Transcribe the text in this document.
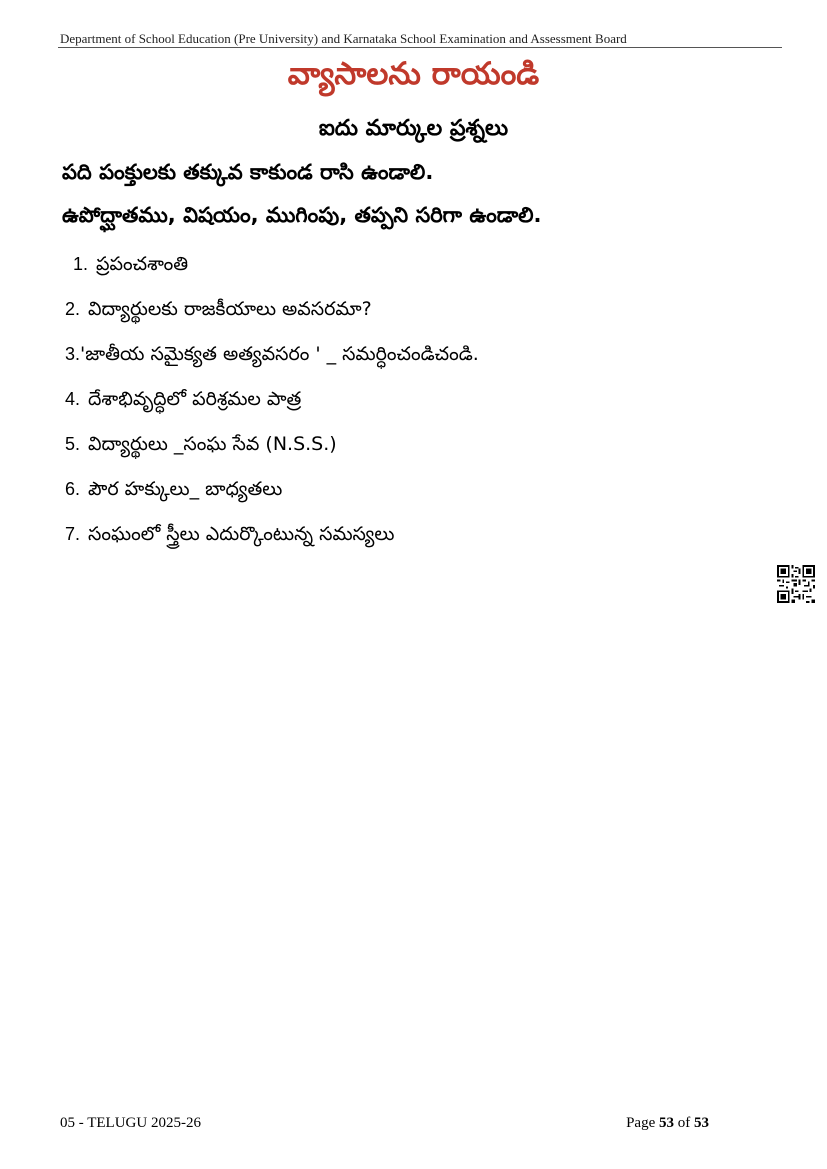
Department of School Education (Pre University) and Karnataka School Examination and Assessment Board
వ్యాసాలను రాయండి
ఐదు మార్కుల ప్రశ్నలు
పది పంక్తులకు తక్కువ కాకుండ రాసి ఉండాలి.
ఉపోద్ఘాతము, విషయం, ముగింపు, తప్పని సరిగా ఉండాలి.
1. ప్రపంచశాంతి
2. విద్యార్థులకు రాజకీయాలు అవసరమా?
3. 'జాతీయ సమైక్యత అత్యవసరం ' _ సమర్ధించండిచండి.
4. దేశాభివృద్ధిలో పరిశ్రమల పాత్ర
5. విద్యార్థులు _సంఘ సేవ (N.S.S.)
6. పౌర హక్కులు_ బాధ్యతలు
7. సంఘంలో స్త్రీలు ఎదుర్కొంటున్న సమస్యలు
05 - TELUGU 2025-26	Page 53 of 53
